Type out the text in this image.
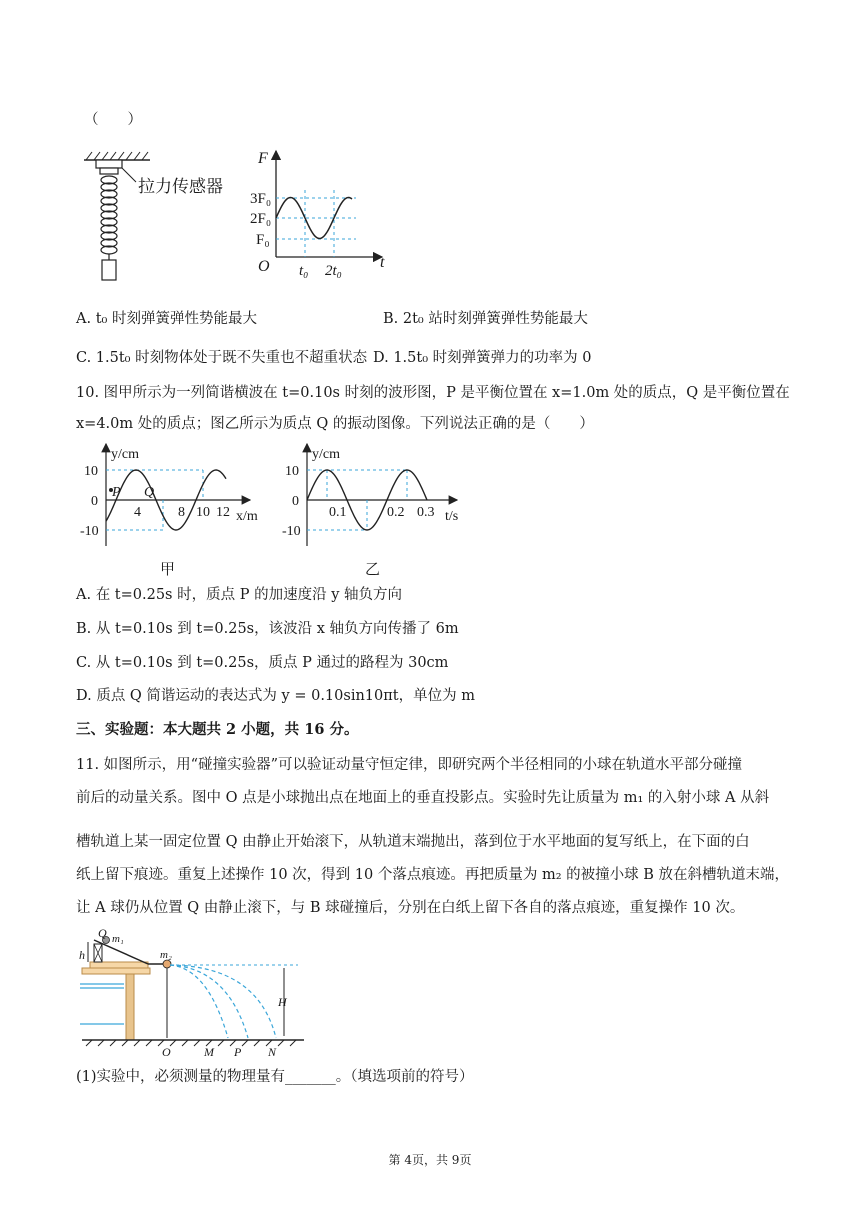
（　　）
拉力传感器
F
t
O
3F₀
2F₀
F₀
t₀ 2t₀
A. t₀ 时刻弹簧弹性势能最大	B. 2t₀ 站时刻弹簧弹性势能最大
C. 1.5t₀ 时刻物体处于既不失重也不超重状态 D. 1.5t₀ 时刻弹簧弹力的功率为 0
10. 图甲所示为一列简谐横波在 t=0.10s 时刻的波形图，P 是平衡位置在 x=1.0m 处的质点，Q 是平衡位置在
x=4.0m 处的质点；图乙所示为质点 Q 的振动图像。下列说法正确的是（　　）
y/cm
x/m
10
0
-10
4	8 10 12
P Q
甲
y/cm
t/s
10
0
-10
0.1	0.2 0.3
乙
A. 在 t=0.25s 时，质点 P 的加速度沿 y 轴负方向
B. 从 t=0.10s 到 t=0.25s，该波沿 x 轴负方向传播了 6m
C. 从 t=0.10s 到 t=0.25s，质点 P 通过的路程为 30cm
D. 质点 Q 简谐运动的表达式为 y = 0.10sin10πt，单位为 m
三、实验题：本大题共 2 小题，共 16 分。
11. 如图所示，用“碰撞实验器”可以验证动量守恒定律，即研究两个半径相同的小球在轨道水平部分碰撞
前后的动量关系。图中 O 点是小球抛出点在地面上的垂直投影点。实验时先让质量为 m₁ 的入射小球 A 从斜
槽轨道上某一固定位置 Q 由静止开始滚下，从轨道末端抛出，落到位于水平地面的复写纸上，在下面的白
纸上留下痕迹。重复上述操作 10 次，得到 10 个落点痕迹。再把质量为 m₂ 的被撞小球 B 放在斜槽轨道末端，
让 A 球仍从位置 Q 由静止滚下，与 B 球碰撞后，分别在白纸上留下各自的落点痕迹，重复操作 10 次。
Q m₁
h	m₂
H
O	M P N
(1)实验中，必须测量的物理量有_______。（填选项前的符号）
第 4页，共 9页
